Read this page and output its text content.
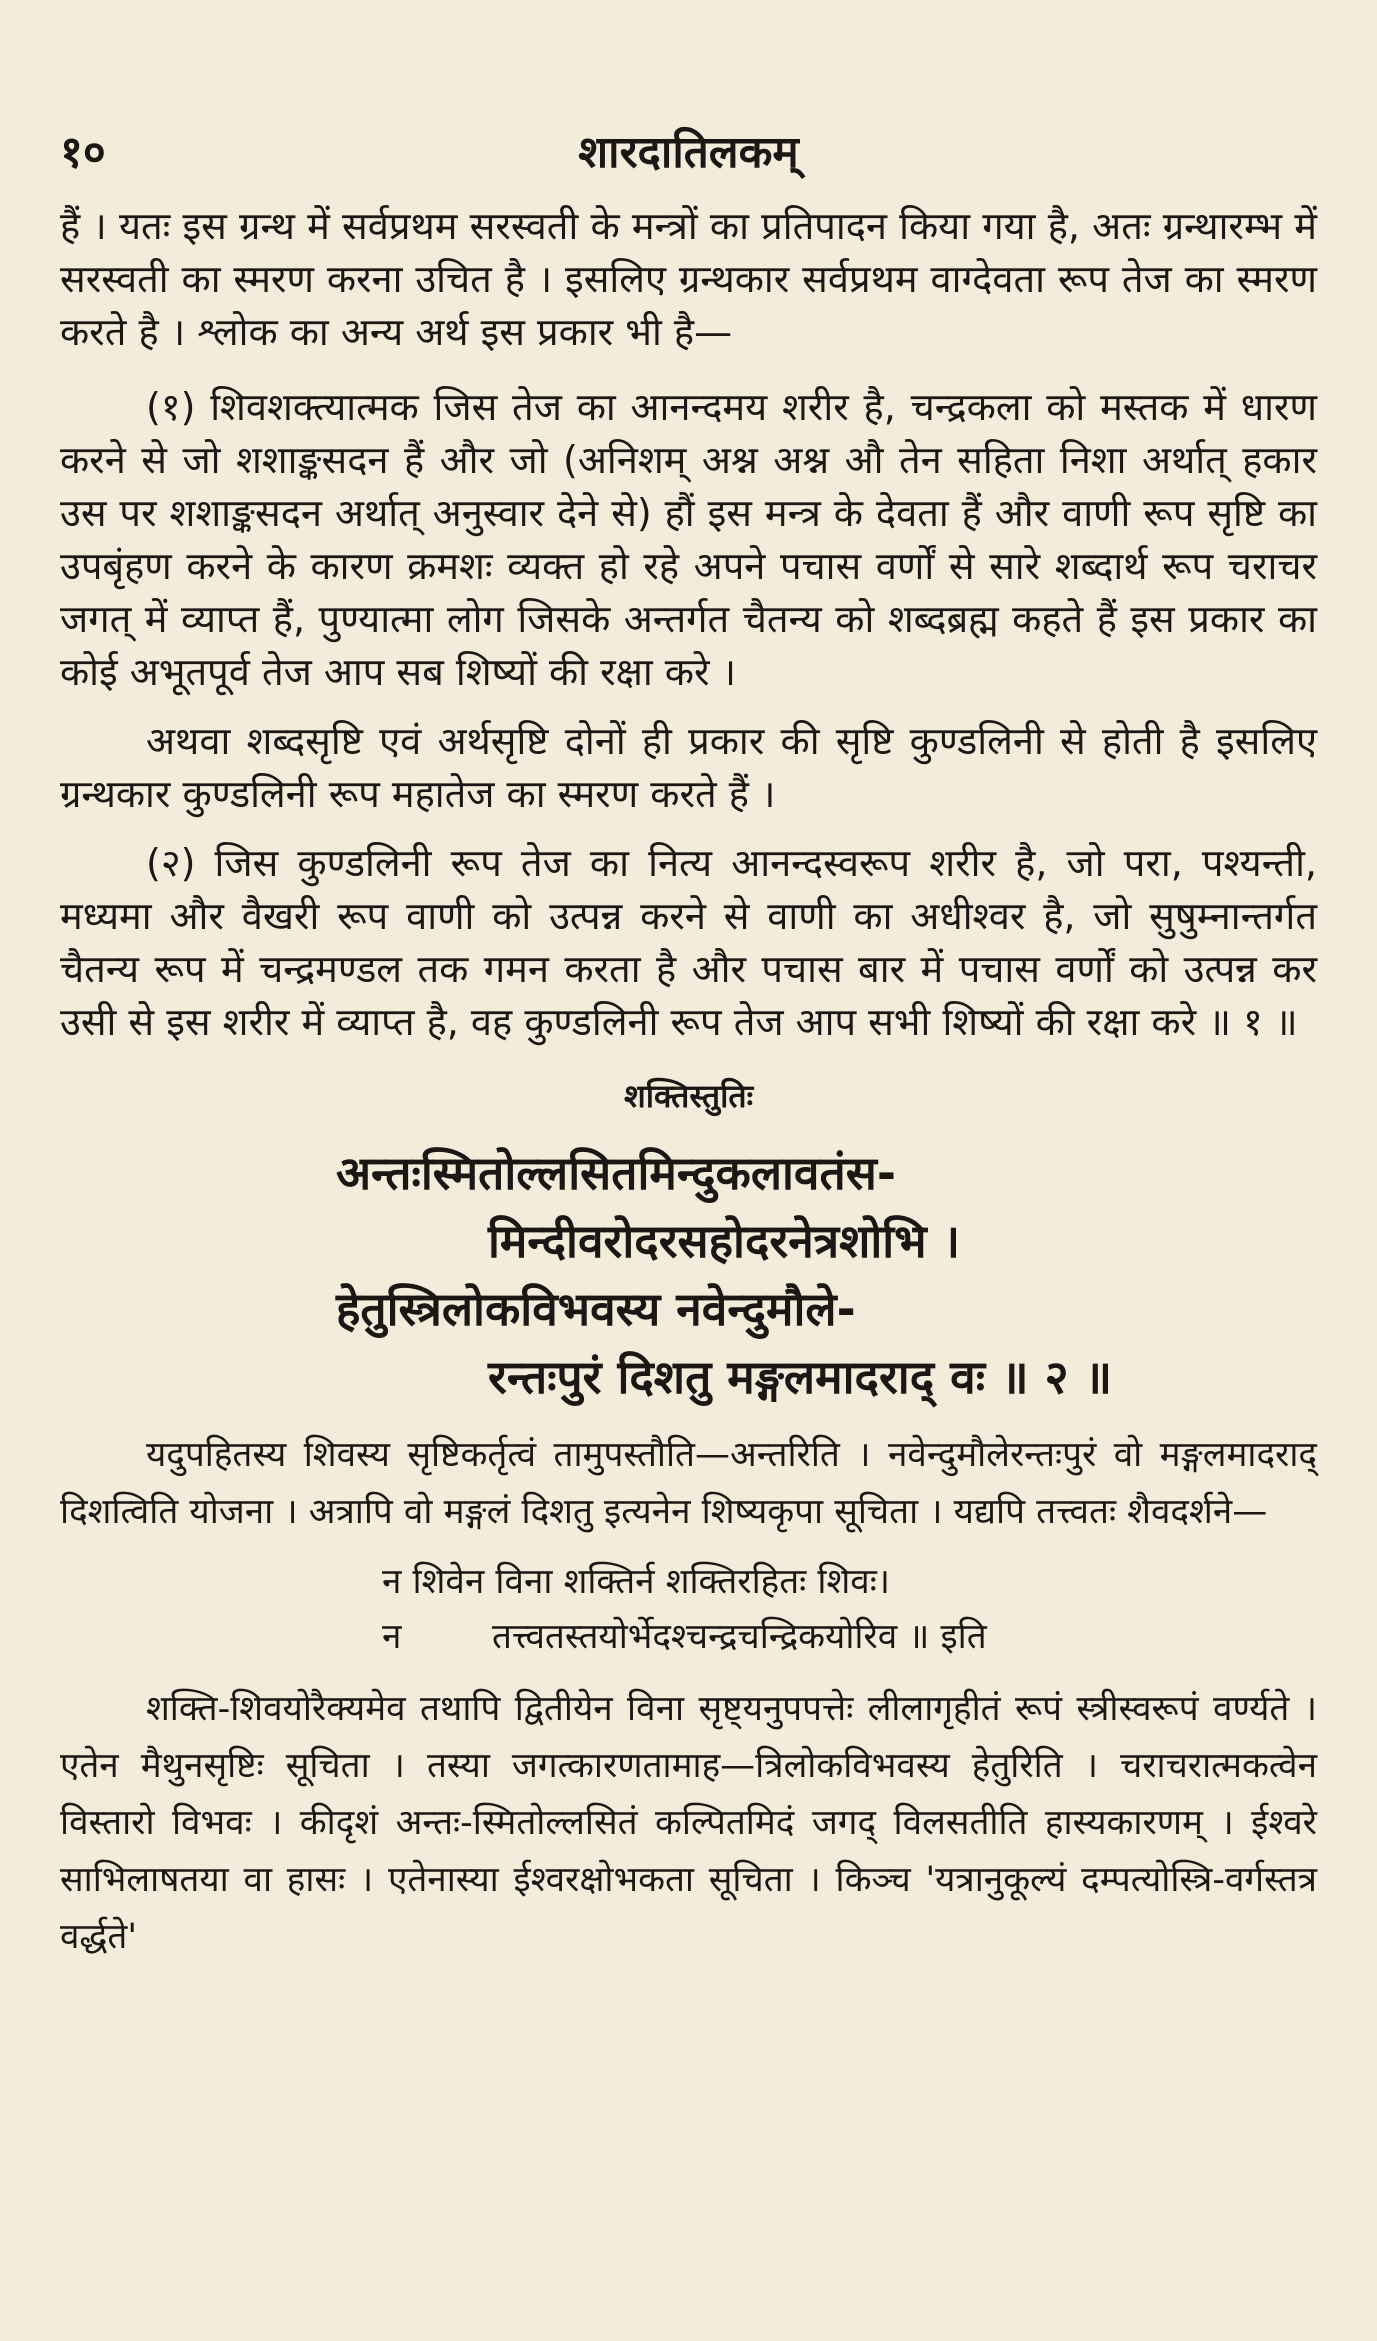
१०	शारदातिलकम्

हैं । यतः इस ग्रन्थ में सर्वप्रथम सरस्वती के मन्त्रों का प्रतिपादन किया गया है, अतः ग्रन्थारम्भ में सरस्वती का स्मरण करना उचित है । इसलिए ग्रन्थकार सर्वप्रथम वाग्देवता रूप तेज का स्मरण करते है । श्लोक का अन्य अर्थ इस प्रकार भी है—

(१) शिवशक्त्यात्मक जिस तेज का आनन्दमय शरीर है, चन्द्रकला को मस्तक में धारण करने से जो शशाङ्कसदन हैं और जो (अनिशम् अश्न अश्न औ तेन सहिता निशा अर्थात् हकार उस पर शशाङ्कसदन अर्थात् अनुस्वार देने से) हौं इस मन्त्र के देवता हैं और वाणी रूप सृष्टि का उपबृंहण करने के कारण क्रमशः व्यक्त हो रहे अपने पचास वर्णों से सारे शब्दार्थ रूप चराचर जगत् में व्याप्त हैं, पुण्यात्मा लोग जिसके अन्तर्गत चैतन्य को शब्दब्रह्म कहते हैं इस प्रकार का कोई अभूतपूर्व तेज आप सब शिष्यों की रक्षा करे ।

अथवा शब्दसृष्टि एवं अर्थसृष्टि दोनों ही प्रकार की सृष्टि कुण्डलिनी से होती है इसलिए ग्रन्थकार कुण्डलिनी रूप महातेज का स्मरण करते हैं ।

(२) जिस कुण्डलिनी रूप तेज का नित्य आनन्दस्वरूप शरीर है, जो परा, पश्यन्ती, मध्यमा और वैखरी रूप वाणी को उत्पन्न करने से वाणी का अधीश्वर है, जो सुषुम्नान्तर्गत चैतन्य रूप में चन्द्रमण्डल तक गमन करता है और पचास बार में पचास वर्णों को उत्पन्न कर उसी से इस शरीर में व्याप्त है, वह कुण्डलिनी रूप तेज आप सभी शिष्यों की रक्षा करे ॥ १ ॥

शक्तिस्तुतिः
अन्तःस्मितोल्लसितमिन्दुकलावतंस-
मिन्दीवरोदरसहोदरनेत्रशोभि ।
हेतुस्त्रिलोकविभवस्य नवेन्दुमौले-
रन्तःपुरं दिशतु मङ्गलमादराद् वः ॥ २ ॥

यदुपहितस्य शिवस्य सृष्टिकर्तृत्वं तामुपस्तौति—अन्तरिति । नवेन्दुमौलेरन्तःपुरं वो मङ्गलमादराद् दिशत्विति योजना । अत्रापि वो मङ्गलं दिशतु इत्यनेन शिष्यकृपा सूचिता । यद्यपि तत्त्वतः शैवदर्शने—

न शिवेन विना शक्तिर्न शक्तिरहितः शिवः।
न	तत्त्वतस्तयोर्भेदश्चन्द्रचन्द्रिकयोरिव ॥ इति

शक्ति-शिवयोरैक्यमेव तथापि द्वितीयेन विना सृष्ट्यनुपपत्तेः लीलागृहीतं रूपं स्त्रीस्वरूपं वर्ण्यते । एतेन मैथुनसृष्टिः सूचिता । तस्या जगत्कारणतामाह—त्रिलोकविभवस्य हेतुरिति । चराचरात्मकत्वेन विस्तारो विभवः । कीदृशं अन्तः-स्मितोल्लसितं कल्पितमिदं जगद् विलसतीति हास्यकारणम् । ईश्वरे साभिलाषतया वा हासः । एतेनास्या ईश्वरक्षोभकता सूचिता । किञ्च 'यत्रानुकूल्यं दम्पत्योस्त्रि-वर्गस्तत्र वर्द्धते'
